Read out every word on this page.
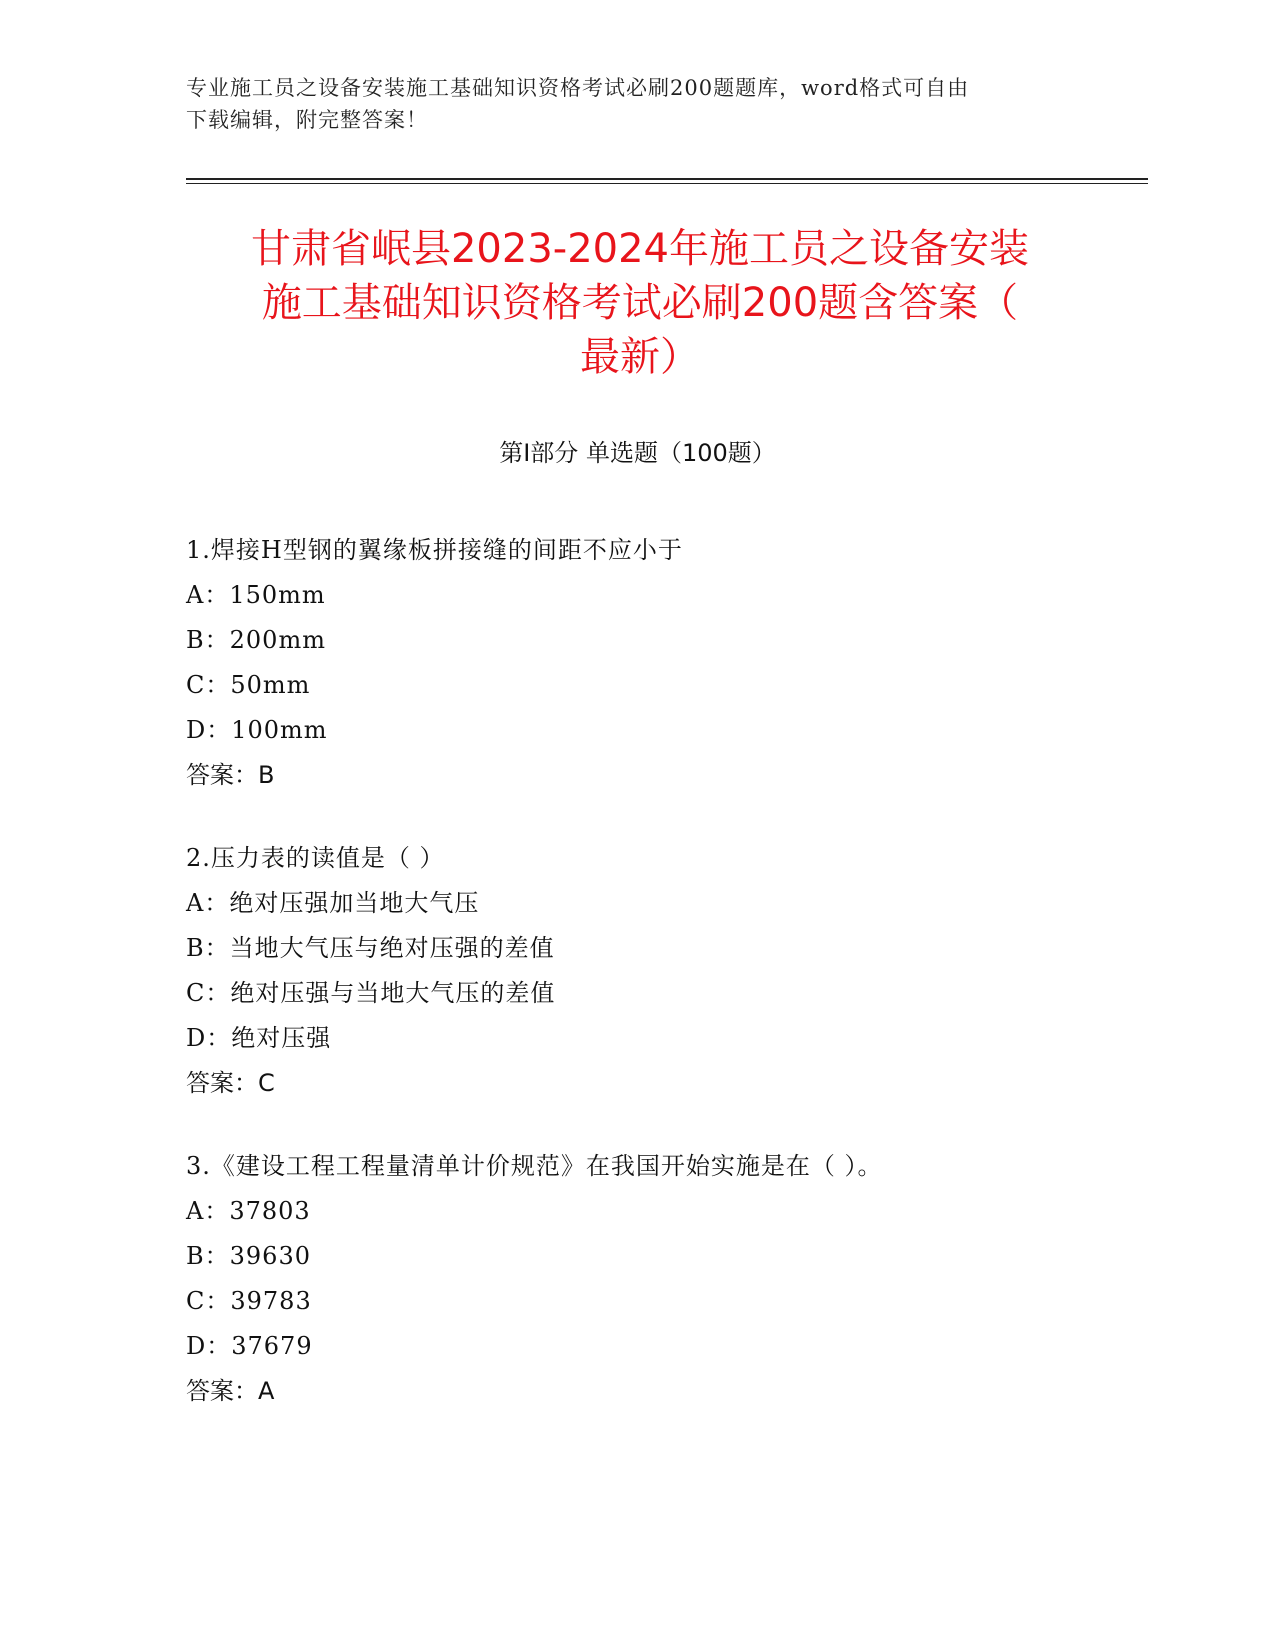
专业施工员之设备安装施工基础知识资格考试必刷200题题库，word格式可自由
下载编辑，附完整答案！
甘肃省岷县2023-2024年施工员之设备安装
施工基础知识资格考试必刷200题含答案（
最新）
第Ⅰ部分 单选题（100题）
1.焊接H型钢的翼缘板拼接缝的间距不应小于
A：150mm
B：200mm
C：50mm
D：100mm
答案：B
2.压力表的读值是（ ）
A：绝对压强加当地大气压
B：当地大气压与绝对压强的差值
C：绝对压强与当地大气压的差值
D：绝对压强
答案：C
3.《建设工程工程量清单计价规范》在我国开始实施是在（ ）。
A：37803
B：39630
C：39783
D：37679
答案：A
